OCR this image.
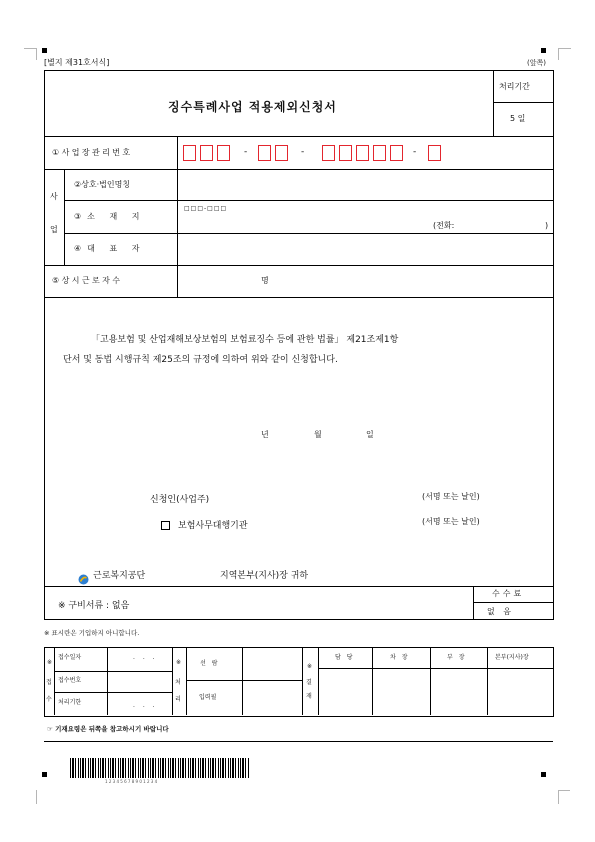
[별지 제31호서식]	(앞쪽)
징수특례사업 적용제외신청서
처리기간
5 일
①사업장관리번호	-	-	-
사
업
②상호·법인명칭
③소 재 지
□□□-□□□
(전화:	)
④대 표 자
⑤상시근로자수	명
「고용보험 및 산업재해보상보험의 보험료징수 등에 관한 법률」 제21조제1항
단서 및 동법 시행규칙 제25조의 규정에 의하여 위와 같이 신청합니다.
년	월	일
신청인(사업주)	(서명 또는 날인)
보험사무대행기관	(서명 또는 날인)
근로복지공단	지역본부(지사)장 귀하
※ 구비서류 : 없음
수수료
없 음
※ 표시란은 기입하지 아니합니다.
※
접
수
접수일자	. . .
접수번호
처리기한	. . .
※
처
리
선 람
입력필
※
결
재
담 당	차 장	부 장	본부(지사)장
☞ 기재요령은 뒤쪽을 참고하시기 바랍니다
1 2 3 4 5 6 7 8 9 0 1 2 3 4
